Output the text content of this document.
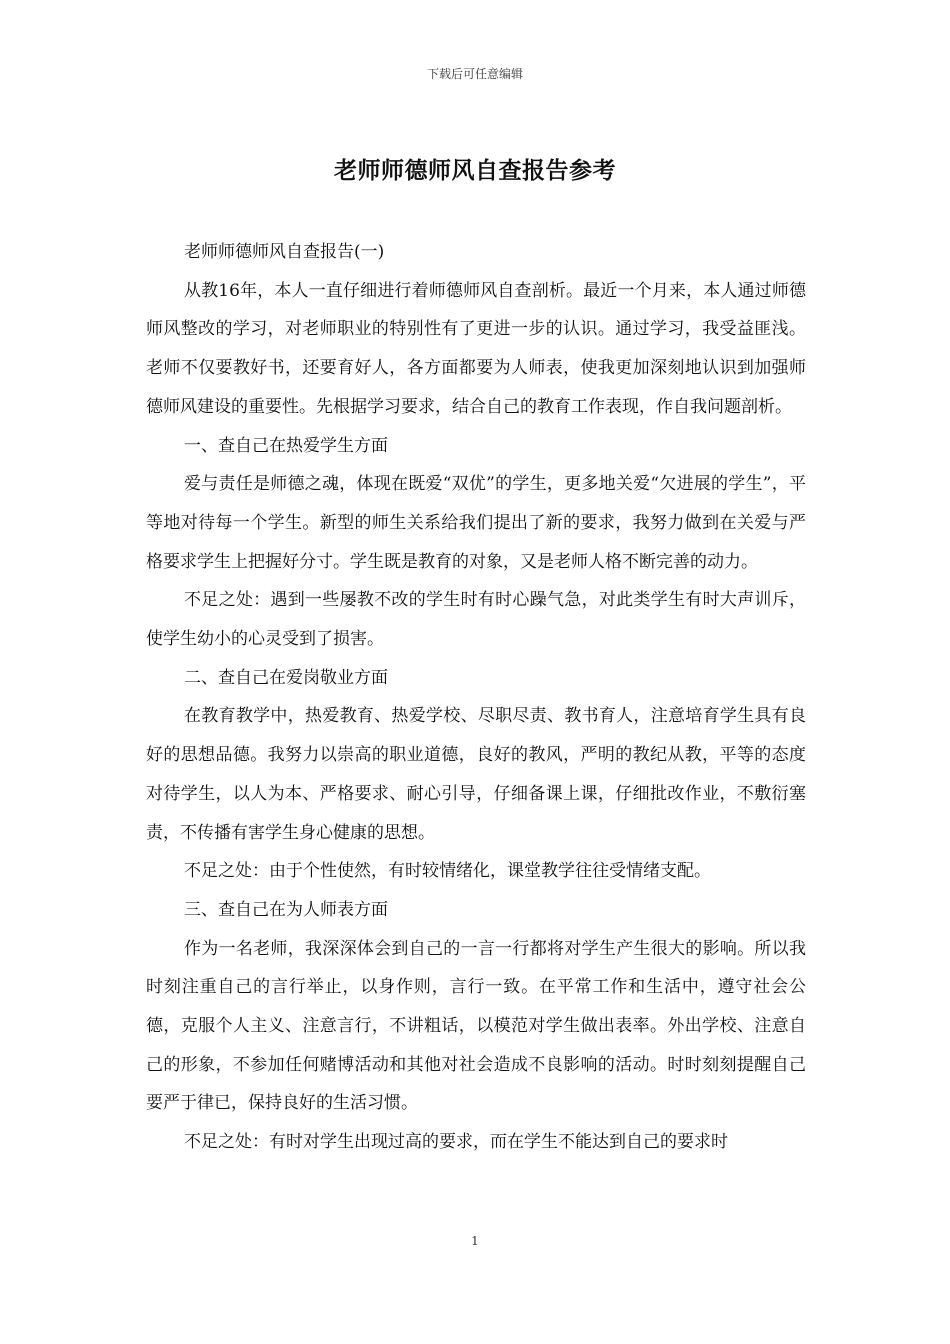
下载后可任意编辑
老师师德师风自查报告参考

老师师德师风自查报告(一)

从教16年，本人一直仔细进行着师德师风自查剖析。最近一个月来，本人通过师德师风整改的学习，对老师职业的特别性有了更进一步的认识。通过学习，我受益匪浅。老师不仅要教好书，还要育好人，各方面都要为人师表，使我更加深刻地认识到加强师德师风建设的重要性。先根据学习要求，结合自己的教育工作表现，作自我问题剖析。

一、查自己在热爱学生方面

爱与责任是师德之魂，体现在既爱“双优”的学生，更多地关爱“欠进展的学生”，平等地对待每一个学生。新型的师生关系给我们提出了新的要求，我努力做到在关爱与严格要求学生上把握好分寸。学生既是教育的对象，又是老师人格不断完善的动力。

不足之处：遇到一些屡教不改的学生时有时心躁气急，对此类学生有时大声训斥，使学生幼小的心灵受到了损害。

二、查自己在爱岗敬业方面

在教育教学中，热爱教育、热爱学校、尽职尽责、教书育人，注意培育学生具有良好的思想品德。我努力以崇高的职业道德，良好的教风，严明的教纪从教，平等的态度对待学生，以人为本、严格要求、耐心引导，仔细备课上课，仔细批改作业，不敷衍塞责，不传播有害学生身心健康的思想。

不足之处：由于个性使然，有时较情绪化，课堂教学往往受情绪支配。

三、查自己在为人师表方面

作为一名老师，我深深体会到自己的一言一行都将对学生产生很大的影响。所以我时刻注重自己的言行举止，以身作则，言行一致。在平常工作和生活中，遵守社会公德，克服个人主义、注意言行，不讲粗话，以模范对学生做出表率。外出学校、注意自己的形象，不参加任何赌博活动和其他对社会造成不良影响的活动。时时刻刻提醒自己要严于律已，保持良好的生活习惯。

不足之处：有时对学生出现过高的要求，而在学生不能达到自己的要求时

1
